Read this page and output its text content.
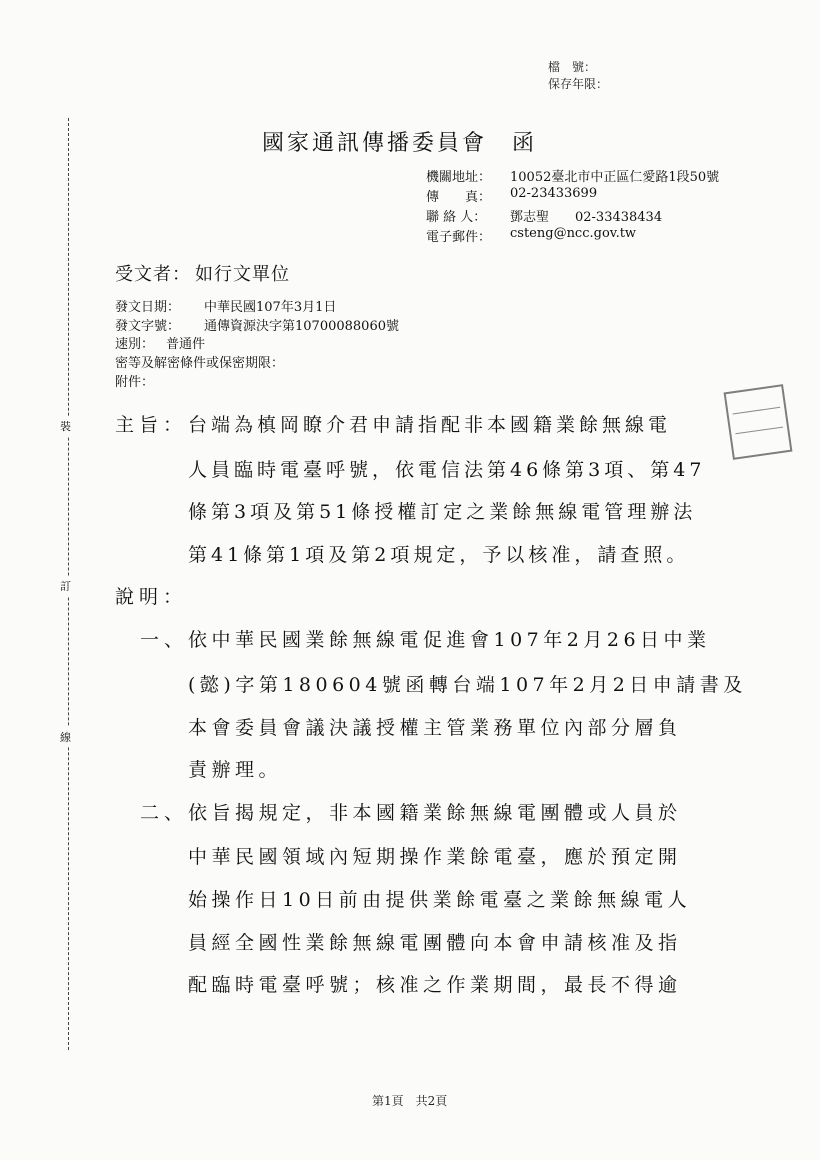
檔　號：
保存年限：
裝
訂
線
國家通訊傳播委員會　函
機關地址： 10052臺北市中正區仁愛路1段50號
傳　　真： 02-23433699
聯 絡 人： 鄧志聖　　02-33438434
電子郵件： csteng@ncc.gov.tw
受文者： 如行文單位
發文日期： 中華民國107年3月1日
發文字號： 通傳資源決字第10700088060號
速別： 普通件
密等及解密條件或保密期限：
附件：
主旨： 台端為槙岡瞭介君申請指配非本國籍業餘無線電
人員臨時電臺呼號，依電信法第46條第3項、第47
條第3項及第51條授權訂定之業餘無線電管理辦法
第41條第1項及第2項規定，予以核准，請查照。
說明：
一、 依中華民國業餘無線電促進會107年2月26日中業
(懿)字第180604號函轉台端107年2月2日申請書及
本會委員會議決議授權主管業務單位內部分層負
責辦理。
二、 依旨揭規定，非本國籍業餘無線電團體或人員於
中華民國領域內短期操作業餘電臺，應於預定開
始操作日10日前由提供業餘電臺之業餘無線電人
員經全國性業餘無線電團體向本會申請核准及指
配臨時電臺呼號；核准之作業期間，最長不得逾
第1頁　共2頁
